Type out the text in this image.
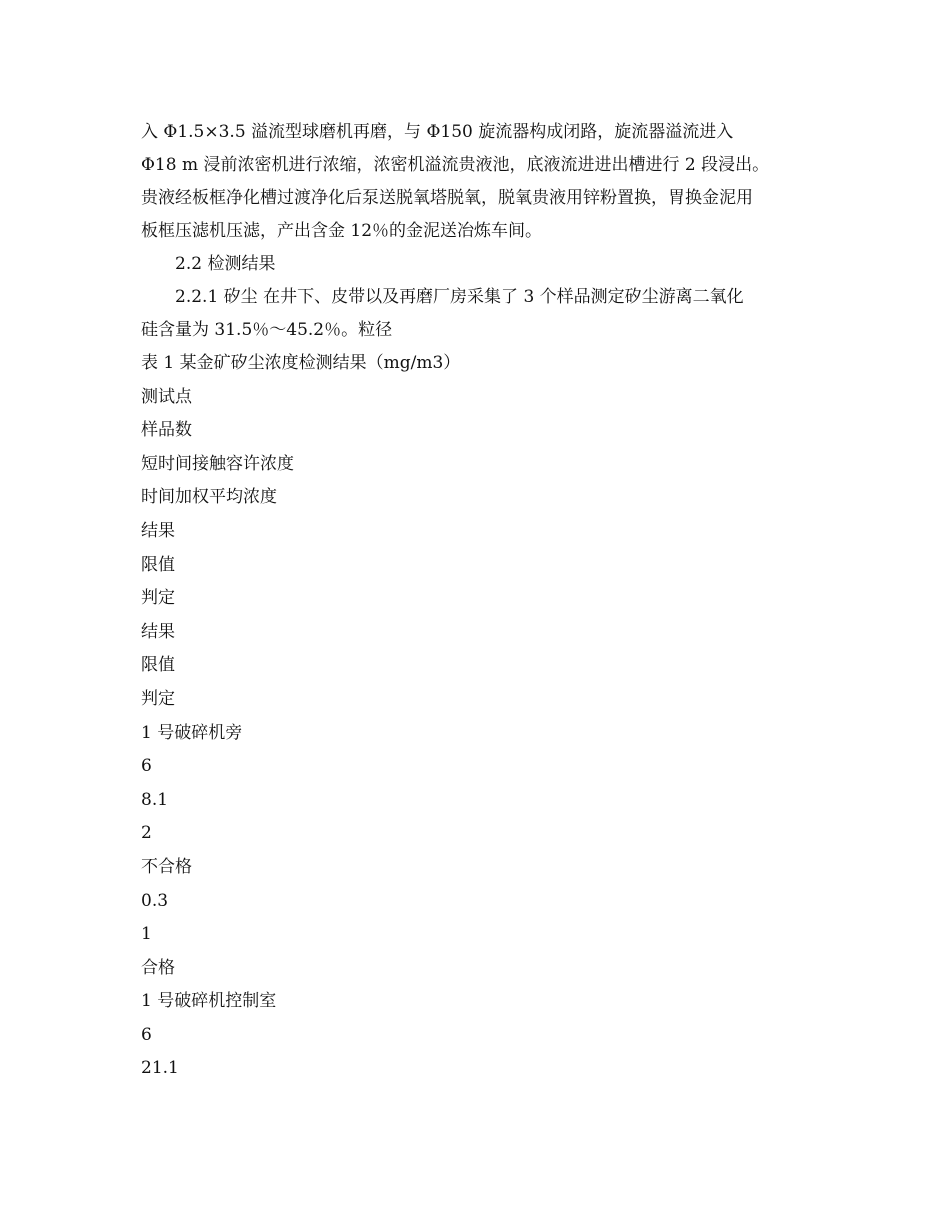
入 Φ1.5×3.5 溢流型球磨机再磨，与 Φ150 旋流器构成闭路，旋流器溢流进入
Φ18 m 浸前浓密机进行浓缩，浓密机溢流贵液池，底液流进进出槽进行 2 段浸出。
贵液经板框净化槽过渡净化后泵送脱氧塔脱氧，脱氧贵液用锌粉置换，胃换金泥用
板框压滤机压滤，产出含金 12％的金泥送冶炼车间。
2.2 检测结果
2.2.1 矽尘 在井下、皮带以及再磨厂房采集了 3 个样品测定矽尘游离二氧化
硅含量为 31.5％～45.2％。粒径
表 1 某金矿矽尘浓度检测结果（mg/m3）
测试点
样品数
短时间接触容许浓度
时间加权平均浓度
结果
限值
判定
结果
限值
判定
1 号破碎机旁
6
8.1
2
不合格
0.3
1
合格
1 号破碎机控制室
6
21.1
